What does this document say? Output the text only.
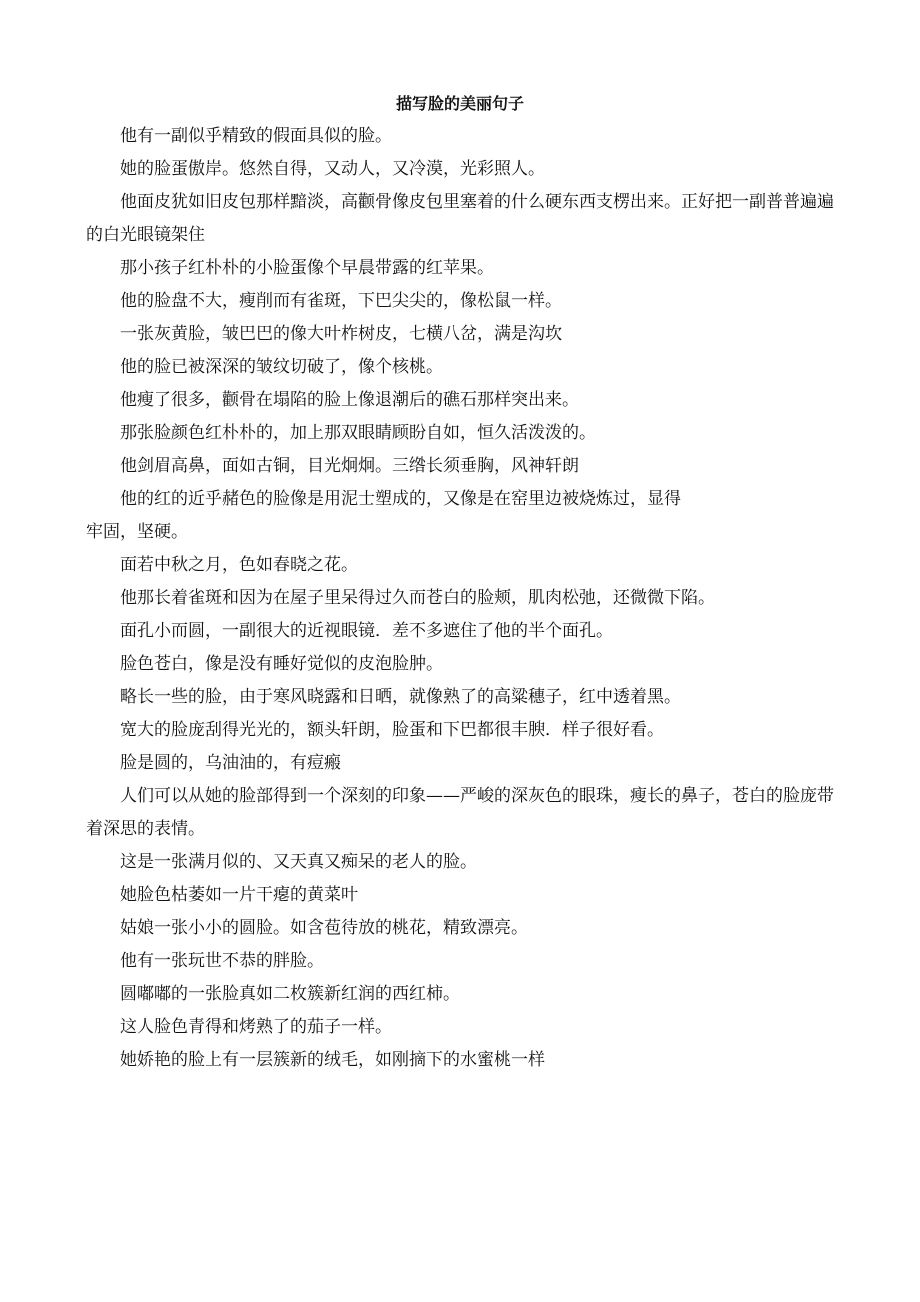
描写脸的美丽句子

他有一副似乎精致的假面具似的脸。

她的脸蛋傲岸。悠然自得，又动人，又冷漠，光彩照人。

他面皮犹如旧皮包那样黯淡，高颧骨像皮包里塞着的什么硬东西支楞出来。正好把一副普普遍遍的白光眼镜架住

那小孩子红朴朴的小脸蛋像个早晨带露的红苹果。

他的脸盘不大，瘦削而有雀斑，下巴尖尖的，像松鼠一样。

一张灰黄脸，皱巴巴的像大叶柞树皮，七横八岔，满是沟坎

他的脸已被深深的皱纹切破了，像个核桃。

他瘦了很多，颧骨在塌陷的脸上像退潮后的礁石那样突出来。

那张脸颜色红朴朴的，加上那双眼睛顾盼自如，恒久活泼泼的。

他剑眉高鼻，面如古铜，目光炯炯。三绺长须垂胸，风神轩朗

他的红的近乎赭色的脸像是用泥士塑成的，又像是在窑里边被烧炼过，显得

牢固，坚硬。

面若中秋之月，色如春晓之花。

他那长着雀斑和因为在屋子里呆得过久而苍白的脸颊，肌肉松弛，还微微下陷。

面孔小而圆，一副很大的近视眼镜．差不多遮住了他的半个面孔。

脸色苍白，像是没有睡好觉似的皮泡脸肿。

略长一些的脸，由于寒风晓露和日晒，就像熟了的高粱穗子，红中透着黑。

宽大的脸庞刮得光光的，额头轩朗，脸蛋和下巴都很丰腴．样子很好看。

脸是圆的，乌油油的，有痘瘢

人们可以从她的脸部得到一个深刻的印象——严峻的深灰色的眼珠，瘦长的鼻子，苍白的脸庞带着深思的表情。

这是一张满月似的、又天真又痴呆的老人的脸。

她脸色枯萎如一片干瘪的黄菜叶

姑娘一张小小的圆脸。如含苞待放的桃花，精致漂亮。

他有一张玩世不恭的胖脸。

圆嘟嘟的一张脸真如二枚簇新红润的西红柿。

这人脸色青得和烤熟了的茄子一样。

她娇艳的脸上有一层簇新的绒毛，如刚摘下的水蜜桃一样
